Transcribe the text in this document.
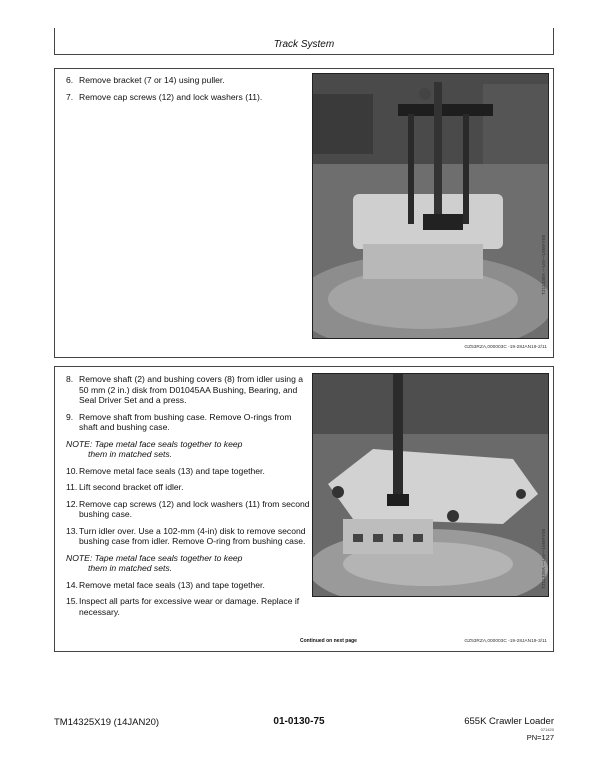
Track System
6. Remove bracket (7 or 14) using puller.
7. Remove cap screws (12) and lock washers (11).
T211338A —UN—16MAY05
GZ53RZA,000003C -19-28JAN19-2/11
8. Remove shaft (2) and bushing covers (8) from idler using a 50 mm (2 in.) disk from D01045AA Bushing, Bearing, and Seal Driver Set and a press.
9. Remove shaft from bushing case. Remove O-rings from shaft and bushing case.
NOTE: Tape metal face seals together to keep
them in matched sets.
10. Remove metal face seals (13) and tape together.
11. Lift second bracket off idler.
12. Remove cap screws (12) and lock washers (11) from second bushing case.
13. Turn idler over. Use a 102-mm (4-in) disk to remove second bushing case from idler. Remove O-ring from bushing case.
NOTE: Tape metal face seals together to keep
them in matched sets.
14. Remove metal face seals (13) and tape together.
15. Inspect all parts for excessive wear or damage. Replace if necessary.
T211339A —UN—16MAY05
Continued on next page	GZ53RZA,000003C -19-28JAN19-3/11
TM14325X19 (14JAN20)	01-0130-75	655K Crawler Loader
071420
PN=127
